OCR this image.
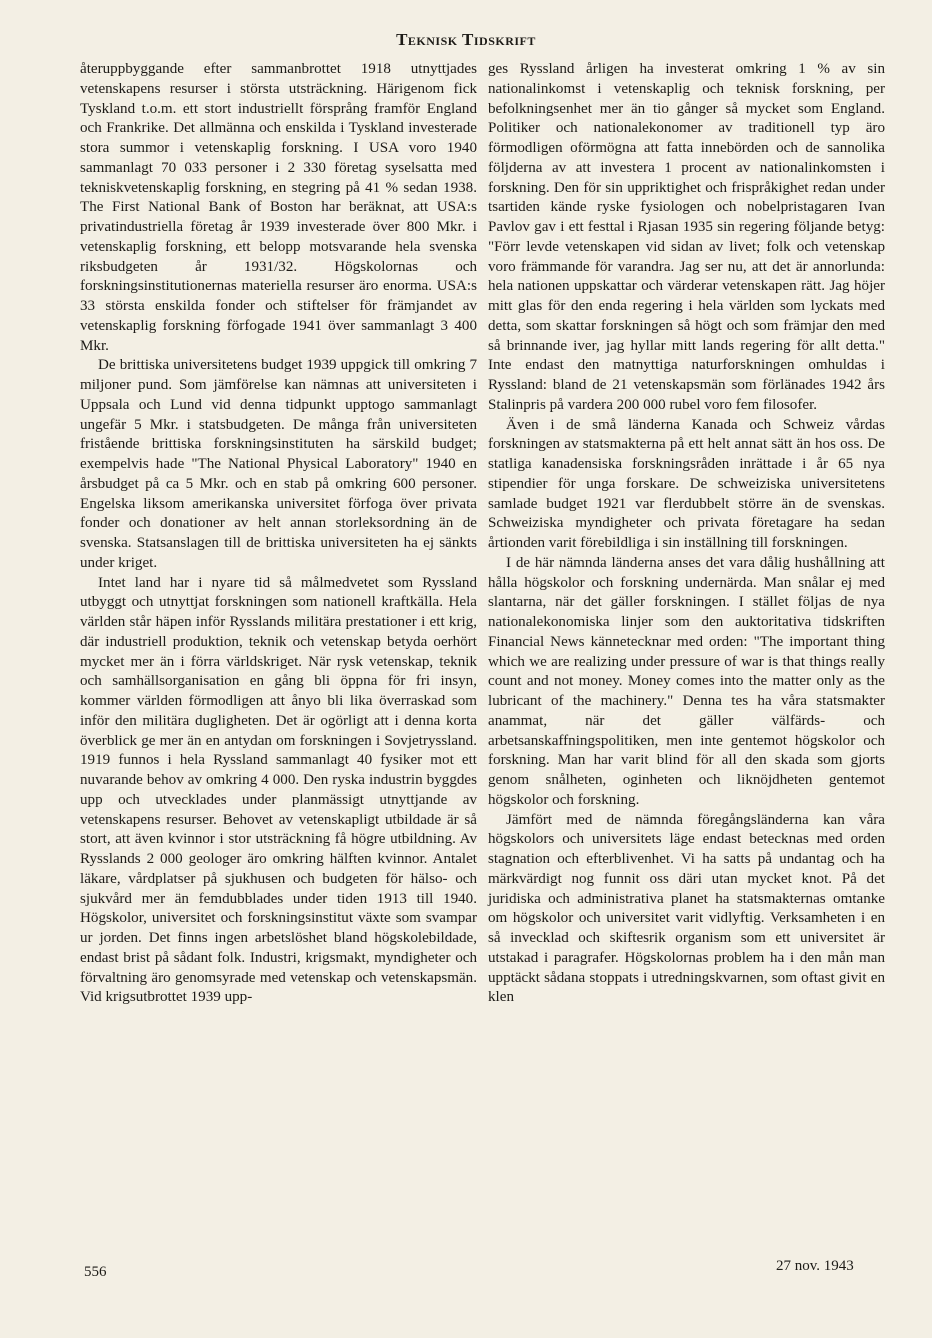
Teknisk Tidskrift

återuppbyggande efter sammanbrottet 1918 utnyttjades vetenskapens resurser i största utsträckning. Härigenom fick Tyskland t.o.m. ett stort industriellt försprång framför England och Frankrike. Det allmänna och enskilda i Tyskland investerade stora summor i vetenskaplig forskning. I USA voro 1940 sammanlagt 70 033 personer i 2 330 företag syselsatta med tekniskvetenskaplig forskning, en stegring på 41 % sedan 1938. The First National Bank of Boston har beräknat, att USA:s privatindustriella företag år 1939 investerade över 800 Mkr. i vetenskaplig forskning, ett belopp motsvarande hela svenska riksbudgeten år 1931/32. Högskolornas och forskningsinstitutionernas materiella resurser äro enorma. USA:s 33 största enskilda fonder och stiftelser för främjandet av vetenskaplig forskning förfogade 1941 över sammanlagt 3 400 Mkr.

De brittiska universitetens budget 1939 uppgick till omkring 7 miljoner pund. Som jämförelse kan nämnas att universiteten i Uppsala och Lund vid denna tidpunkt upptogo sammanlagt ungefär 5 Mkr. i statsbudgeten. De många från universiteten fristående brittiska forskningsinstituten ha särskild budget; exempelvis hade "The National Physical Laboratory" 1940 en årsbudget på ca 5 Mkr. och en stab på omkring 600 personer. Engelska liksom amerikanska universitet förfoga över privata fonder och donationer av helt annan storleksordning än de svenska. Statsanslagen till de brittiska universiteten ha ej sänkts under kriget.

Intet land har i nyare tid så målmedvetet som Ryssland utbyggt och utnyttjat forskningen som nationell kraftkälla. Hela världen står häpen inför Rysslands militära prestationer i ett krig, där industriell produktion, teknik och vetenskap betyda oerhört mycket mer än i förra världskriget. När rysk vetenskap, teknik och samhällsorganisation en gång bli öppna för fri insyn, kommer världen förmodligen att ånyo bli lika överraskad som inför den militära dugligheten. Det är ogörligt att i denna korta överblick ge mer än en antydan om forskningen i Sovjetryssland. 1919 funnos i hela Ryssland sammanlagt 40 fysiker mot ett nuvarande behov av omkring 4 000. Den ryska industrin byggdes upp och utvecklades under planmässigt utnyttjande av vetenskapens resurser. Behovet av vetenskapligt utbildade är så stort, att även kvinnor i stor utsträckning få högre utbildning. Av Rysslands 2 000 geologer äro omkring hälften kvinnor. Antalet läkare, vårdplatser på sjukhusen och budgeten för hälso- och sjukvård mer än femdubblades under tiden 1913 till 1940. Högskolor, universitet och forskningsinstitut växte som svampar ur jorden. Det finns ingen arbetslöshet bland högskolebildade, endast brist på sådant folk. Industri, krigsmakt, myndigheter och förvaltning äro genomsyrade med vetenskap och vetenskapsmän. Vid krigsutbrottet 1939 upp-

ges Ryssland årligen ha investerat omkring 1 % av sin nationalinkomst i vetenskaplig och teknisk forskning, per befolkningsenhet mer än tio gånger så mycket som England. Politiker och nationalekonomer av traditionell typ äro förmodligen oförmögna att fatta innebörden och de sannolika följderna av att investera 1 procent av nationalinkomsten i forskning. Den för sin uppriktighet och frispråkighet redan under tsartiden kände ryske fysiologen och nobelpristagaren Ivan Pavlov gav i ett festtal i Rjasan 1935 sin regering följande betyg: "Förr levde vetenskapen vid sidan av livet; folk och vetenskap voro främmande för varandra. Jag ser nu, att det är annorlunda: hela nationen uppskattar och värderar vetenskapen rätt. Jag höjer mitt glas för den enda regering i hela världen som lyckats med detta, som skattar forskningen så högt och som främjar den med så brinnande iver, jag hyllar mitt lands regering för allt detta." Inte endast den matnyttiga naturforskningen omhuldas i Ryssland: bland de 21 vetenskapsmän som förlänades 1942 års Stalinpris på vardera 200 000 rubel voro fem filosofer.

Även i de små länderna Kanada och Schweiz vårdas forskningen av statsmakterna på ett helt annat sätt än hos oss. De statliga kanadensiska forskningsråden inrättade i år 65 nya stipendier för unga forskare. De schweiziska universitetens samlade budget 1921 var flerdubbelt större än de svenskas. Schweiziska myndigheter och privata företagare ha sedan årtionden varit förebildliga i sin inställning till forskningen.

I de här nämnda länderna anses det vara dålig hushållning att hålla högskolor och forskning undernärda. Man snålar ej med slantarna, när det gäller forskningen. I stället följas de nya nationalekonomiska linjer som den auktoritativa tidskriften Financial News kännetecknar med orden: "The important thing which we are realizing under pressure of war is that things really count and not money. Money comes into the matter only as the lubricant of the machinery." Denna tes ha våra statsmakter anammat, när det gäller välfärds- och arbetsanskaffningspolitiken, men inte gentemot högskolor och forskning. Man har varit blind för all den skada som gjorts genom snålheten, oginheten och liknöjdheten gentemot högskolor och forskning.

Jämfört med de nämnda föregångsländerna kan våra högskolors och universitets läge endast betecknas med orden stagnation och efterblivenhet. Vi ha satts på undantag och ha märkvärdigt nog funnit oss däri utan mycket knot. På det juridiska och administrativa planet ha statsmakternas omtanke om högskolor och universitet varit vidlyftig. Verksamheten i en så invecklad och skiftesrik organism som ett universitet är utstakad i paragrafer. Högskolornas problem ha i den mån man upptäckt sådana stoppats i utredningskvarnen, som oftast givit en klen

556	27 nov. 1943
